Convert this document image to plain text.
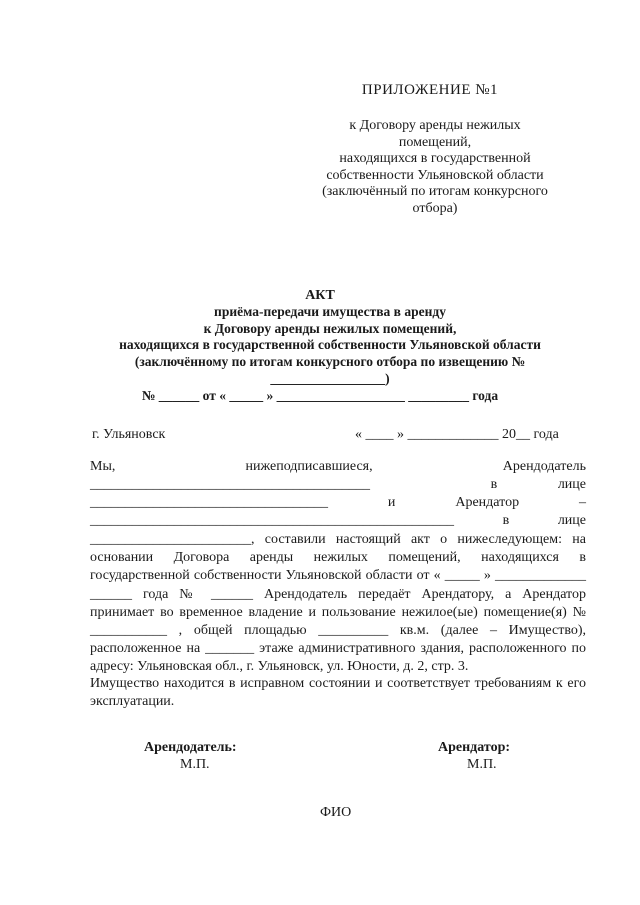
ПРИЛОЖЕНИЕ №1
к Договору аренды нежилых
помещений,
находящихся в государственной
собственности Ульяновской области
(заключённый по итогам конкурсного
отбора)
АКТ
приёма-передачи имущества в аренду
к Договору аренды нежилых помещений,
находящихся в государственной собственности Ульяновской области
(заключённому по итогам конкурсного отбора по извещению №
_________________)
№ ______ от « _____ » ___________________ _________ года
г. Ульяновск	« ____ » _____________ 20__ года
Мы,	нижеподписавшиеся,	Арендодатель
________________________________________	в	лице
__________________________________	и	Арендатор	–
____________________________________________________	в	лице
_______________________, составили настоящий акт о нижеследующем: на основании Договора аренды нежилых помещений, находящихся в государственной собственности Ульяновской области от « _____ » _____________ ______ года № ______ Арендодатель передаёт Арендатору, а Арендатор принимает во временное владение и пользование нежилое(ые) помещение(я) № ___________ , общей площадью __________ кв.м. (далее – Имущество), расположенное на _______ этаже административного здания, расположенного по адресу: Ульяновская обл., г. Ульяновск, ул. Юности, д. 2, стр. 3.
Имущество находится в исправном состоянии и соответствует требованиям к его эксплуатации.
Арендодатель:
М.П.
Арендатор:
М.П.
ФИО
